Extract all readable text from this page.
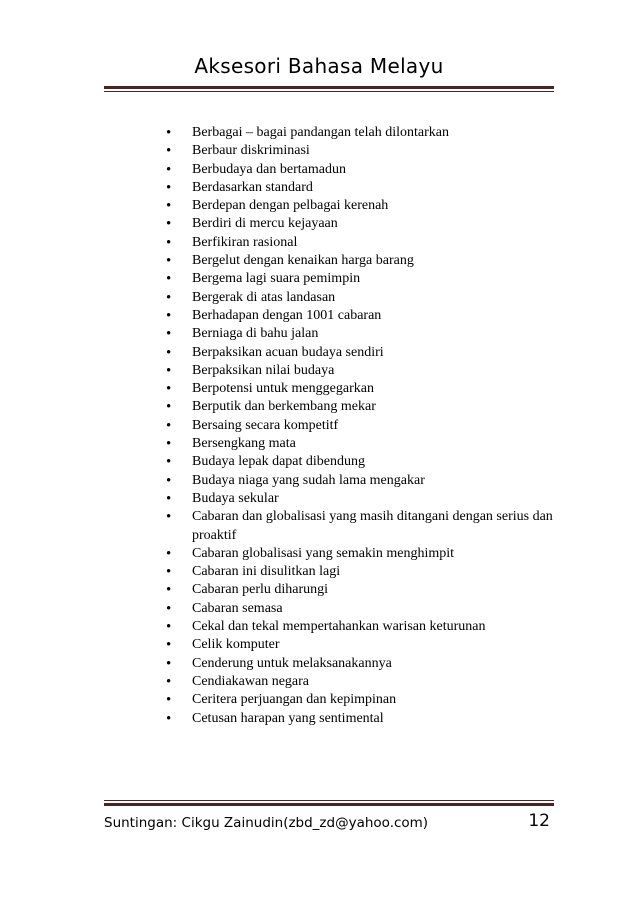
Aksesori Bahasa Melayu
• Berbagai – bagai pandangan telah dilontarkan
• Berbaur diskriminasi
• Berbudaya dan bertamadun
• Berdasarkan standard
• Berdepan dengan pelbagai kerenah
• Berdiri di mercu kejayaan
• Berfikiran rasional
• Bergelut dengan kenaikan harga barang
• Bergema lagi suara pemimpin
• Bergerak di atas landasan
• Berhadapan dengan 1001 cabaran
• Berniaga di bahu jalan
• Berpaksikan acuan budaya sendiri
• Berpaksikan nilai budaya
• Berpotensi untuk menggegarkan
• Berputik dan berkembang mekar
• Bersaing secara kompetitf
• Bersengkang mata
• Budaya lepak dapat dibendung
• Budaya niaga yang sudah lama mengakar
• Budaya sekular
• Cabaran dan globalisasi yang masih ditangani dengan serius dan proaktif
• Cabaran globalisasi yang semakin menghimpit
• Cabaran ini disulitkan lagi
• Cabaran perlu diharungi
• Cabaran semasa
• Cekal dan tekal mempertahankan warisan keturunan
• Celik komputer
• Cenderung untuk melaksanakannya
• Cendiakawan negara
• Ceritera perjuangan dan kepimpinan
• Cetusan harapan yang sentimental
Suntingan: Cikgu Zainudin(zbd_zd@yahoo.com)	12
